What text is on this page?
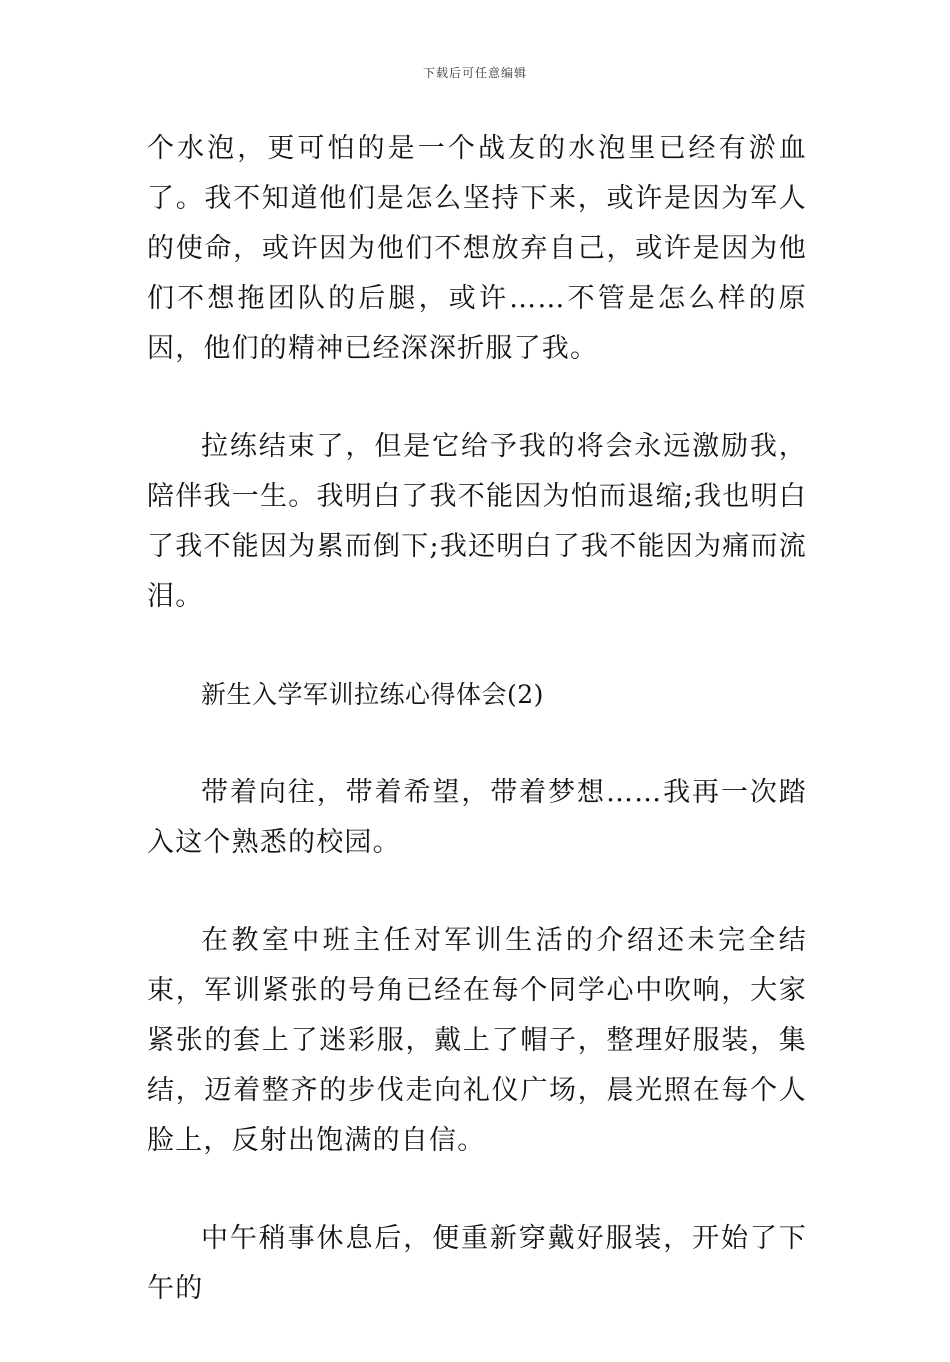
下载后可任意编辑

个水泡，更可怕的是一个战友的水泡里已经有淤血了。我不知道他们是怎么坚持下来，或许是因为军人的使命，或许因为他们不想放弃自己，或许是因为他们不想拖团队的后腿，或许……不管是怎么样的原因，他们的精神已经深深折服了我。

拉练结束了，但是它给予我的将会永远激励我，陪伴我一生。我明白了我不能因为怕而退缩;我也明白了我不能因为累而倒下;我还明白了我不能因为痛而流泪。

新生入学军训拉练心得体会(2)

带着向往，带着希望，带着梦想……我再一次踏入这个熟悉的校园。

在教室中班主任对军训生活的介绍还未完全结束，军训紧张的号角已经在每个同学心中吹响，大家紧张的套上了迷彩服，戴上了帽子，整理好服装，集结，迈着整齐的步伐走向礼仪广场，晨光照在每个人脸上，反射出饱满的自信。

中午稍事休息后，便重新穿戴好服装，开始了下午的
